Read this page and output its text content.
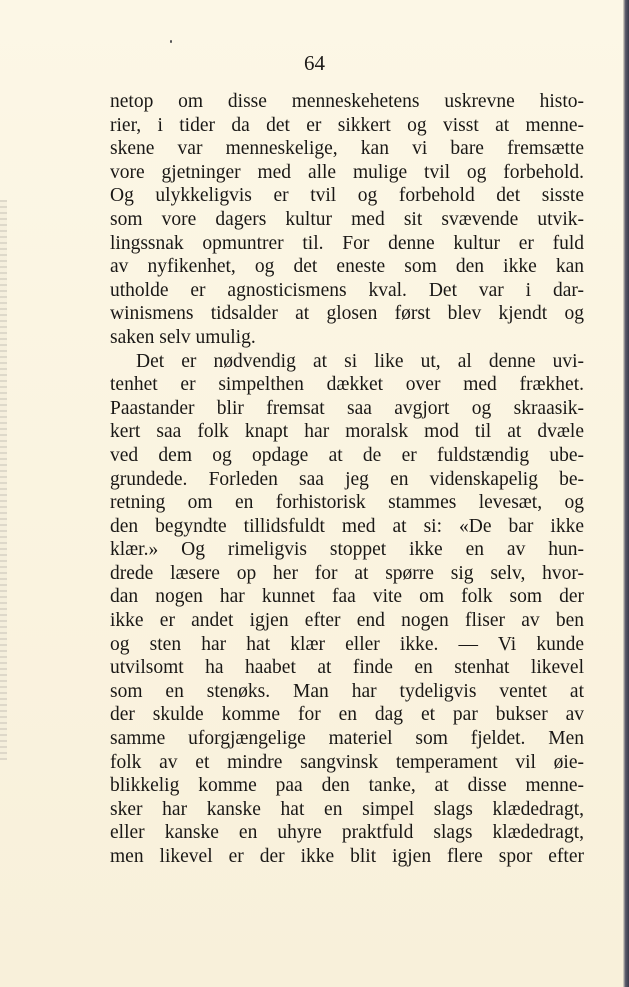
64
netop om disse menneskehetens uskrevne histo-
rier, i tider da det er sikkert og visst at menne-
skene var menneskelige, kan vi bare fremsætte
vore gjetninger med alle mulige tvil og forbehold.
Og ulykkeligvis er tvil og forbehold det sisste
som vore dagers kultur med sit svævende utvik-
lingssnak opmuntrer til. For denne kultur er fuld
av nyfikenhet, og det eneste som den ikke kan
utholde er agnosticismens kval. Det var i dar-
winismens tidsalder at glosen først blev kjendt og
saken selv umulig.
Det er nødvendig at si like ut, al denne uvi-
tenhet er simpelthen dækket over med frækhet.
Paastander blir fremsat saa avgjort og skraasik-
kert saa folk knapt har moralsk mod til at dvæle
ved dem og opdage at de er fuldstændig ube-
grundede. Forleden saa jeg en videnskapelig be-
retning om en forhistorisk stammes levesæt, og
den begyndte tillidsfuldt med at si: «De bar ikke
klær.» Og rimeligvis stoppet ikke en av hun-
drede læsere op her for at spørre sig selv, hvor-
dan nogen har kunnet faa vite om folk som der
ikke er andet igjen efter end nogen fliser av ben
og sten har hat klær eller ikke. — Vi kunde
utvilsomt ha haabet at finde en stenhat likevel
som en stenøks. Man har tydeligvis ventet at
der skulde komme for en dag et par bukser av
samme uforgjængelige materiel som fjeldet. Men
folk av et mindre sangvinsk temperament vil øie-
blikkelig komme paa den tanke, at disse menne-
sker har kanske hat en simpel slags klædedragt,
eller kanske en uhyre praktfuld slags klædedragt,
men likevel er der ikke blit igjen flere spor efter
